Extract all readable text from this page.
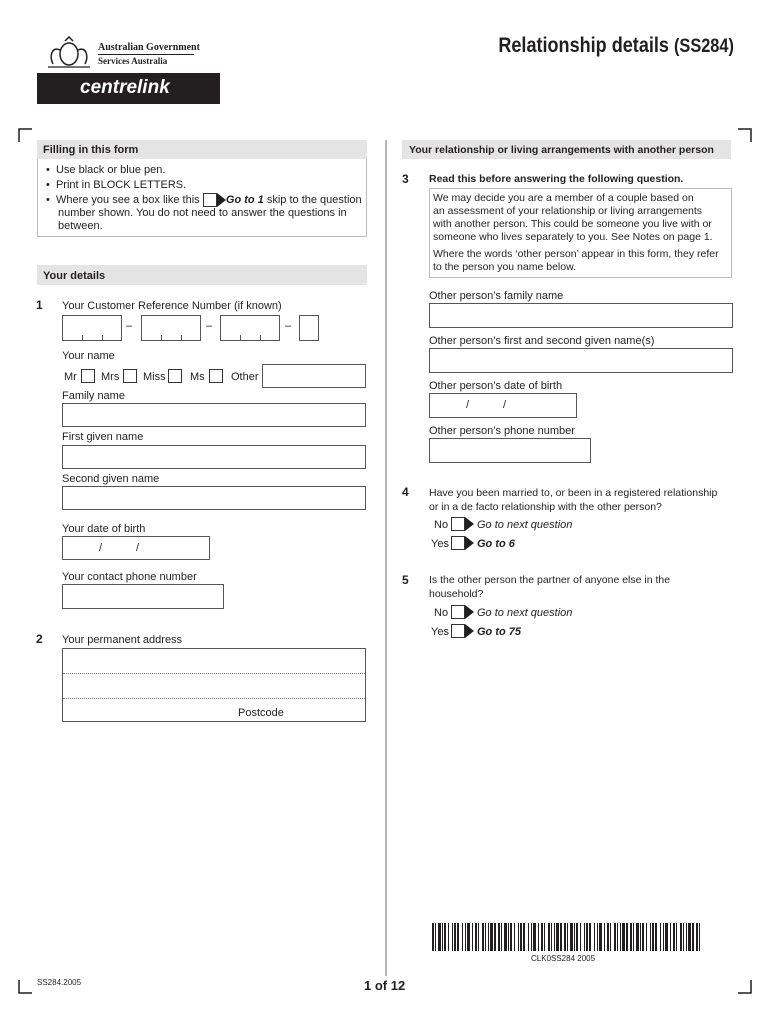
Australian Government
Services Australia
centrelink
Relationship details (SS284)
Filling in this form
•  Use black or blue pen.
•  Print in BLOCK LETTERS.
•  Where you see a box like this Go to 1 skip to the question
number shown. You do not need to answer the questions in
between.
Your details
1 Your Customer Reference Number (if known)
–	–	–
Your name
Mr Mrs Miss Ms Other
Family name
First given name
Second given name
Your date of birth
/	/
Your contact phone number
2 Your permanent address
Postcode
Your relationship or living arrangements with another person
3 Read this before answering the following question.
We may decide you are a member of a couple based on
an assessment of your relationship or living arrangements
with another person. This could be someone you live with or
someone who lives separately to you. See Notes on page 1.
Where the words ‘other person’ appear in this form, they refer
to the person you name below.
Other person’s family name
Other person’s first and second given name(s)
Other person’s date of birth
/	/
Other person’s phone number
4 Have you been married to, or been in a registered relationship
or in a de facto relationship with the other person?
No	Go to next question
Yes	Go to 6
5 Is the other person the partner of anyone else in the
household?
No	Go to next question
Yes	Go to 75
CLK0SS284 2005
SS284.2005	1 of 12
